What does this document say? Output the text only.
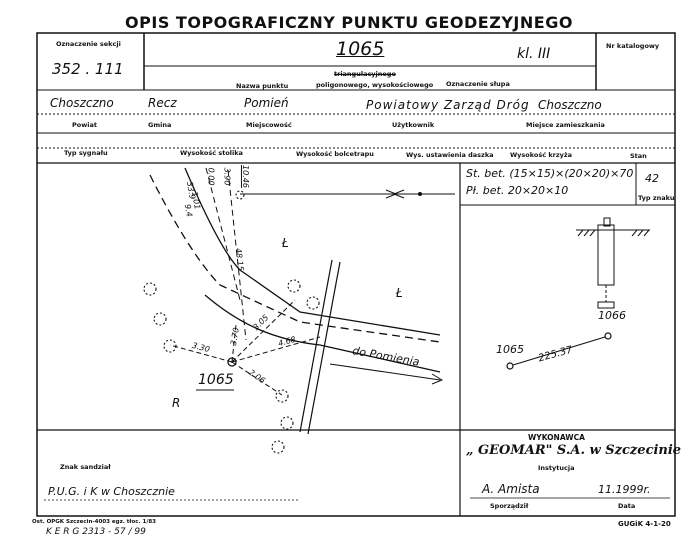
OPIS TOPOGRAFICZNY PUNKTU GEODEZYJNEGO
Oznaczenie sekcji
352 . 111
1065	kl. III	Nr katalogowy
Nazwa punktu
triangulacyjnego
poligonowego, wysokościowego Oznaczenie słupa
Choszczno	Recz	Pomień	Powiatowy Zarząd Dróg Choszczno
Powiat	Gmina	Miejscowość	Użytkownik	Miejsce zamieszkania
Typ sygnału	Wysokość stolika	Wysokość bolcetrapu	Wys. ustawienia daszka	Wysokość krzyża	Stan
St. bet. (15×15)×(20×20)×70
Pł. bet. 20×20×10
42
Typ znaku
1065
do Pomienia
Ł
Ł
R
3.30
2.06
4.68
3.70
3.05
48.15
0.00 3.90 10.46
33.9
1.01
9.4
1066
1065 225.37
WYKONAWCA
„ GEOMAR" S.A. w Szczecinie
Instytucja
A. Amista	11.1999r.
Sporządził	Data
Znak sandział
P.U.G. i K w Choszcznie
Ost. OPGK Szczecin-4003 egz. tłoc. 1/83
K E R G 2313 - 57 / 99
GUGiK 4-1-20
